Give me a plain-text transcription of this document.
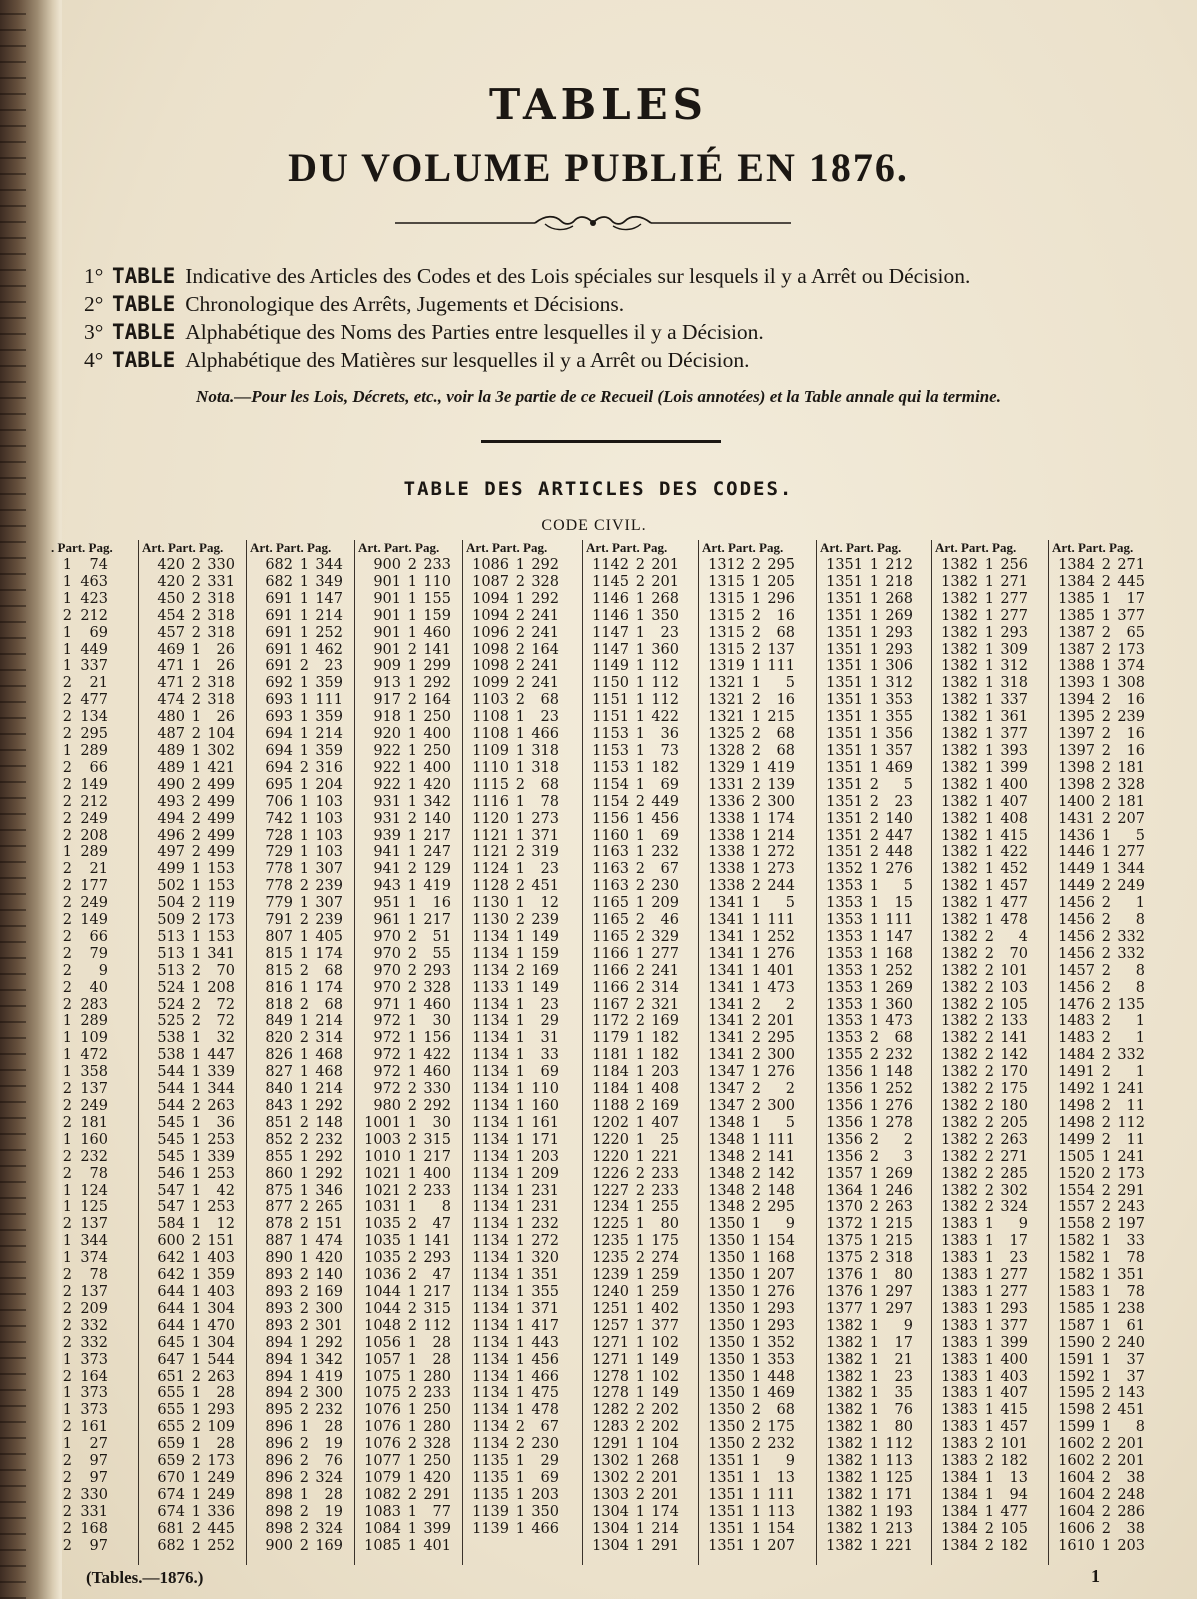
TABLES
DU VOLUME PUBLIÉ EN 1876.
1° TABLE Indicative des Articles des Codes et des Lois spéciales sur lesquels il y a Arrêt ou Décision.
2° TABLE Chronologique des Arrêts, Jugements et Décisions.
3° TABLE Alphabétique des Noms des Parties entre lesquelles il y a Décision.
4° TABLE Alphabétique des Matières sur lesquelles il y a Arrêt ou Décision.
Nota.—Pour les Lois, Décrets, etc., voir la 3e partie de ce Recueil (Lois annotées) et la Table annale qui la termine.
TABLE DES ARTICLES DES CODES.
CODE CIVIL.
. Part. Pag.
1	74
1 463
1 423
2 212
1	69
1 449
1 337
2	21
2 477
2 134
2 295
1 289
2	66
2 149
2 212
2 249
2 208
1 289
2	21
2 177
2 249
2 149
2	66
2	79
2	9
2	40
2 283
1 289
1 109
1 472
1 358
2 137
2 249
2 181
1 160
2 232
2	78
1 124
1 125
2 137
1 344
1 374
2	78
2 137
2 209
2 332
2 332
1 373
2 164
1 373
1 373
2 161
1	27
2	97
2	97
2 330
2 331
2 168
2	97
Art. Part. Pag.
420 2 330
420 2 331
450 2 318
454 2 318
457 2 318
469 1	26
471 1	26
471 2 318
474 2 318
480 1	26
487 2 104
489 1 302
489 1 421
490 2 499
493 2 499
494 2 499
496 2 499
497 2 499
499 1 153
502 1 153
504 2 119
509 2 173
513 1 153
513 1 341
513 2	70
524 1 208
524 2	72
525 2	72
538 1	32
538 1 447
544 1 339
544 1 344
544 2 263
545 1	36
545 1 253
545 1 339
546 1 253
547 1	42
547 1 253
584 1	12
600 2 151
642 1 403
642 1 359
644 1 403
644 1 304
644 1 470
645 1 304
647 1 544
651 2 263
655 1	28
655 1 293
655 2 109
659 1	28
659 2 173
670 1 249
674 1 249
674 1 336
681 2 445
682 1 252
Art. Part. Pag.
682 1 344
682 1 349
691 1 147
691 1 214
691 1 252
691 1 462
691 2	23
692 1 359
693 1 111
693 1 359
694 1 214
694 1 359
694 2 316
695 1 204
706 1 103
742 1 103
728 1 103
729 1 103
778 1 307
778 2 239
779 1 307
791 2 239
807 1 405
815 1 174
815 2	68
816 1 174
818 2	68
849 1 214
820 2 314
826 1 468
827 1 468
840 1 214
843 1 292
851 2 148
852 2 232
855 1 292
860 1 292
875 1 346
877 2 265
878 2 151
887 1 474
890 1 420
893 2 140
893 2 169
893 2 300
893 2 301
894 1 292
894 1 342
894 1 419
894 2 300
895 2 232
896 1	28
896 2	19
896 2	76
896 2 324
898 1	28
898 2	19
898 2 324
900 2 169
Art. Part. Pag.
900 2 233
901 1 110
901 1 155
901 1 159
901 1 460
901 2 141
909 1 299
913 1 292
917 2 164
918 1 250
920 1 400
922 1 250
922 1 400
922 1 420
931 1 342
931 2 140
939 1 217
941 1 247
941 2 129
943 1 419
951 1	16
961 1 217
970 2	51
970 2	55
970 2 293
970 2 328
971 1 460
972 1	30
972 1 156
972 1 422
972 1 460
972 2 330
980 2 292
1001 1	30
1003 2 315
1010 1 217
1021 1 400
1021 2 233
1031 1	8
1035 2	47
1035 1 141
1035 2 293
1036 2	47
1044 1 217
1044 2 315
1048 2 112
1056 1	28
1057 1	28
1075 1 280
1075 2 233
1076 1 250
1076 1 280
1076 2 328
1077 1 250
1079 1 420
1082 2 291
1083 1	77
1084 1 399
1085 1 401
Art. Part. Pag.
1086 1 292
1087 2 328
1094 1 292
1094 2 241
1096 2 241
1098 2 164
1098 2 241
1099 2 241
1103 2	68
1108 1	23
1108 1 466
1109 1 318
1110 1 318
1115 2	68
1116 1	78
1120 1 273
1121 1 371
1121 2 319
1124 1	23
1128 2 451
1130 1	12
1130 2 239
1134 1 149
1134 1 159
1134 2 169
1133 1 149
1134 1	23
1134 1	29
1134 1	31
1134 1	33
1134 1	69
1134 1 110
1134 1 160
1134 1 161
1134 1 171
1134 1 203
1134 1 209
1134 1 231
1134 1 231
1134 1 232
1134 1 272
1134 1 320
1134 1 351
1134 1 355
1134 1 371
1134 1 417
1134 1 443
1134 1 456
1134 1 466
1134 1 475
1134 1 478
1134 2	67
1134 2 230
1135 1	29
1135 1	69
1135 1 203
1139 1 350
1139 1 466
Art. Part. Pag.
1142 2 201
1145 2 201
1146 1 268
1146 1 350
1147 1	23
1147 1 360
1149 1 112
1150 1 112
1151 1 112
1151 1 422
1153 1	36
1153 1	73
1153 1 182
1154 1	69
1154 2 449
1156 1 456
1160 1	69
1163 1 232
1163 2	67
1163 2 230
1165 1 209
1165 2	46
1165 2 329
1166 1 277
1166 2 241
1166 2 314
1167 2 321
1172 2 169
1179 1 182
1181 1 182
1184 1 203
1184 1 408
1188 2 169
1202 1 407
1220 1	25
1220 1 221
1226 2 233
1227 2 233
1234 1 255
1225 1	80
1235 1 175
1235 2 274
1239 1 259
1240 1 259
1251 1 402
1257 1 377
1271 1 102
1271 1 149
1278 1 102
1278 1 149
1282 2 202
1283 2 202
1291 1 104
1302 1 268
1302 2 201
1303 2 201
1304 1 174
1304 1 214
1304 1 291
Art. Part. Pag.
1312 2 295
1315 1 205
1315 1 296
1315 2	16
1315 2	68
1315 2 137
1319 1 111
1321 1	5
1321 2	16
1321 1 215
1325 2	68
1328 2	68
1329 1 419
1331 2 139
1336 2 300
1338 1 174
1338 1 214
1338 1 272
1338 1 273
1338 2 244
1341 1	5
1341 1 111
1341 1 252
1341 1 276
1341 1 401
1341 1 473
1341 2	2
1341 2 201
1341 2 295
1341 2 300
1347 1 276
1347 2	2
1347 2 300
1348 1	5
1348 1 111
1348 2 141
1348 2 142
1348 2 148
1348 2 295
1350 1	9
1350 1 154
1350 1 168
1350 1 207
1350 1 276
1350 1 293
1350 1 293
1350 1 352
1350 1 353
1350 1 448
1350 1 469
1350 2	68
1350 2 175
1350 2 232
1351 1	9
1351 1	13
1351 1 111
1351 1 113
1351 1 154
1351 1 207
Art. Part. Pag.
1351 1 212
1351 1 218
1351 1 268
1351 1 269
1351 1 293
1351 1 293
1351 1 306
1351 1 312
1351 1 353
1351 1 355
1351 1 356
1351 1 357
1351 1 469
1351 2	5
1351 2	23
1351 2 140
1351 2 447
1351 2 448
1352 1 276
1353 1	5
1353 1	15
1353 1 111
1353 1 147
1353 1 168
1353 1 252
1353 1 269
1353 1 360
1353 1 473
1353 2	68
1355 2 232
1356 1 148
1356 1 252
1356 1 276
1356 1 278
1356 2	2
1356 2	3
1357 1 269
1364 1 246
1370 2 263
1372 1 215
1375 1 215
1375 2 318
1376 1	80
1376 1 297
1377 1 297
1382 1	9
1382 1	17
1382 1	21
1382 1	23
1382 1	35
1382 1	76
1382 1	80
1382 1 112
1382 1 113
1382 1 125
1382 1 171
1382 1 193
1382 1 213
1382 1 221
Art. Part. Pag.
1382 1 256
1382 1 271
1382 1 277
1382 1 277
1382 1 293
1382 1 309
1382 1 312
1382 1 318
1382 1 337
1382 1 361
1382 1 377
1382 1 393
1382 1 399
1382 1 400
1382 1 407
1382 1 408
1382 1 415
1382 1 422
1382 1 452
1382 1 457
1382 1 477
1382 1 478
1382 2	4
1382 2	70
1382 2 101
1382 2 103
1382 2 105
1382 2 133
1382 2 141
1382 2 142
1382 2 170
1382 2 175
1382 2 180
1382 2 205
1382 2 263
1382 2 271
1382 2 285
1382 2 302
1382 2 324
1383 1	9
1383 1	17
1383 1	23
1383 1 277
1383 1 277
1383 1 293
1383 1 377
1383 1 399
1383 1 400
1383 1 403
1383 1 407
1383 1 415
1383 1 457
1383 2 101
1383 2 182
1384 1	13
1384 1	94
1384 1 477
1384 2 105
1384 2 182
Art. Part. Pag.
1384 2 271
1384 2 445
1385 1	17
1385 1 377
1387 2	65
1387 2 173
1388 1 374
1393 1 308
1394 2	16
1395 2 239
1397 2	16
1397 2	16
1398 2 181
1398 2 328
1400 2 181
1431 2 207
1436 1	5
1446 1 277
1449 1 344
1449 2 249
1456 2	1
1456 2	8
1456 2 332
1456 2 332
1457 2	8
1456 2	8
1476 2 135
1483 2	1
1483 2	1
1484 2 332
1491 2	1
1492 1 241
1498 2	11
1498 2 112
1499 2	11
1505 1 241
1520 2 173
1554 2 291
1557 2 243
1558 2 197
1582 1	33
1582 1	78
1582 1 351
1583 1	78
1585 1 238
1587 1	61
1590 2 240
1591 1	37
1592 1	37
1595 2 143
1598 2 451
1599 1	8
1602 2 201
1602 2 201
1604 2	38
1604 2 248
1604 2 286
1606 2	38
1610 1 203
(Tables.—1876.)	1
